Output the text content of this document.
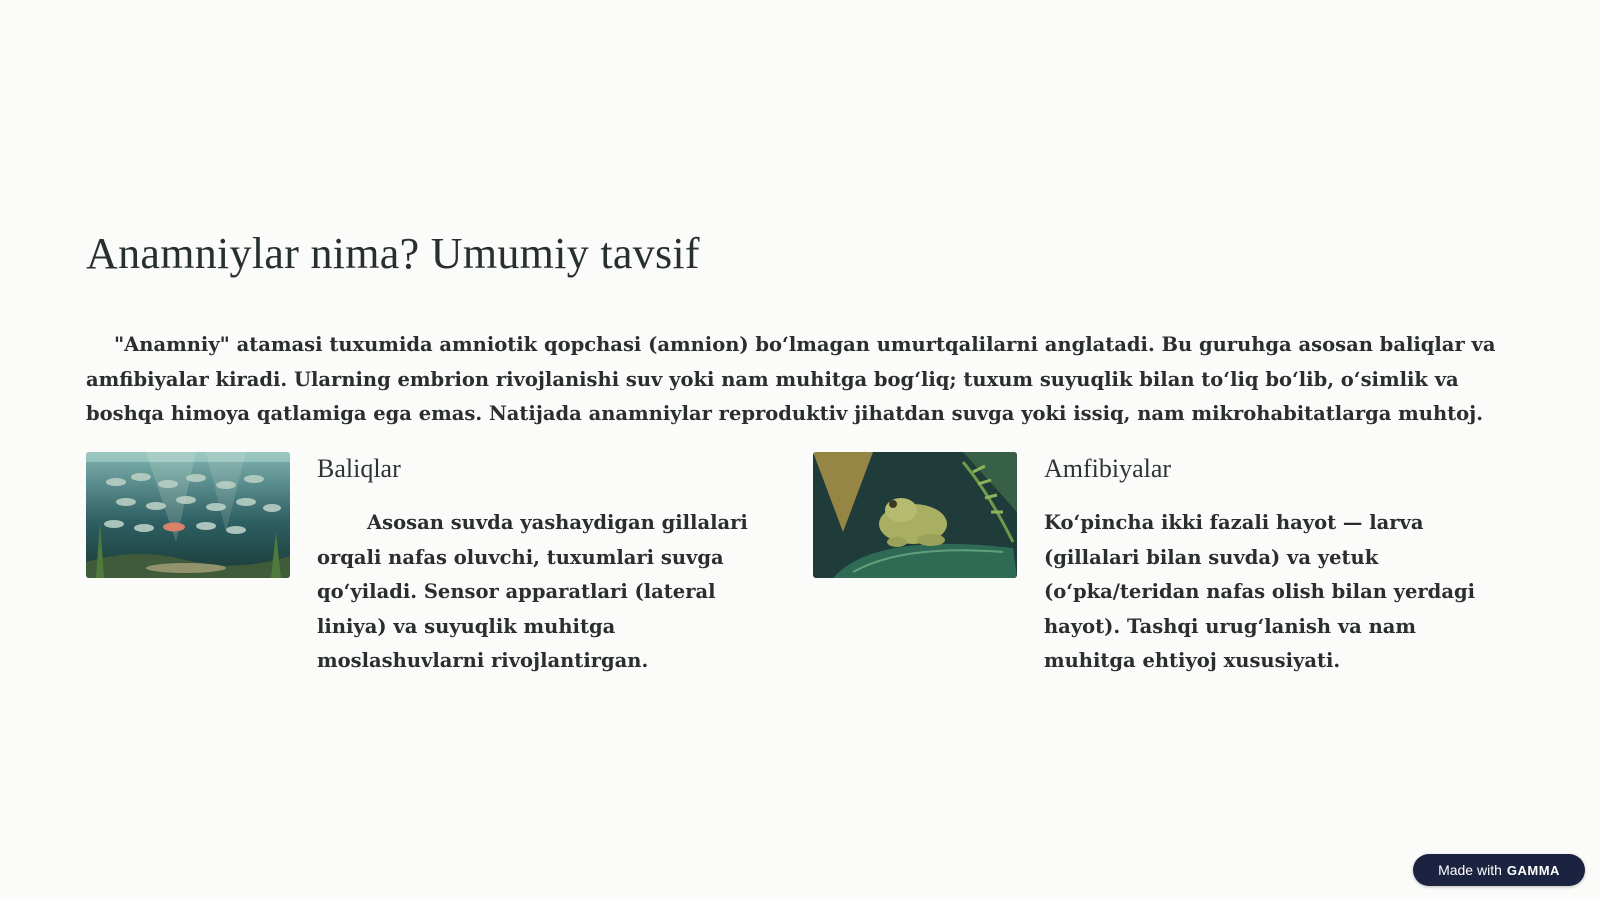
Anamniylar nima? Umumiy tavsif

"Anamniy" atamasi tuxumida amniotik qopchasi (amnion) bo‘lmagan umurtqalilarni anglatadi. Bu guruhga asosan baliqlar va amfibiyalar kiradi. Ularning embrion rivojlanishi suv yoki nam muhitga bog‘liq; tuxum suyuqlik bilan to‘liq bo‘lib, o‘simlik va boshqa himoya qatlamiga ega emas. Natijada anamniylar reproduktiv jihatdan suvga yoki issiq, nam mikrohabitatlarga muhtoj.

Baliqlar

Asosan suvda yashaydigan gillalari orqali nafas oluvchi, tuxumlari suvga qo‘yiladi. Sensor apparatlari (lateral liniya) va suyuqlik muhitga moslashuvlarni rivojlantirgan.

Amfibiyalar

Ko‘pincha ikki fazali hayot — larva (gillalari bilan suvda) va yetuk (o‘pka/teridan nafas olish bilan yerdagi hayot). Tashqi urug‘lanish va nam muhitga ehtiyoj xususiyati.

Made with GAMMA
